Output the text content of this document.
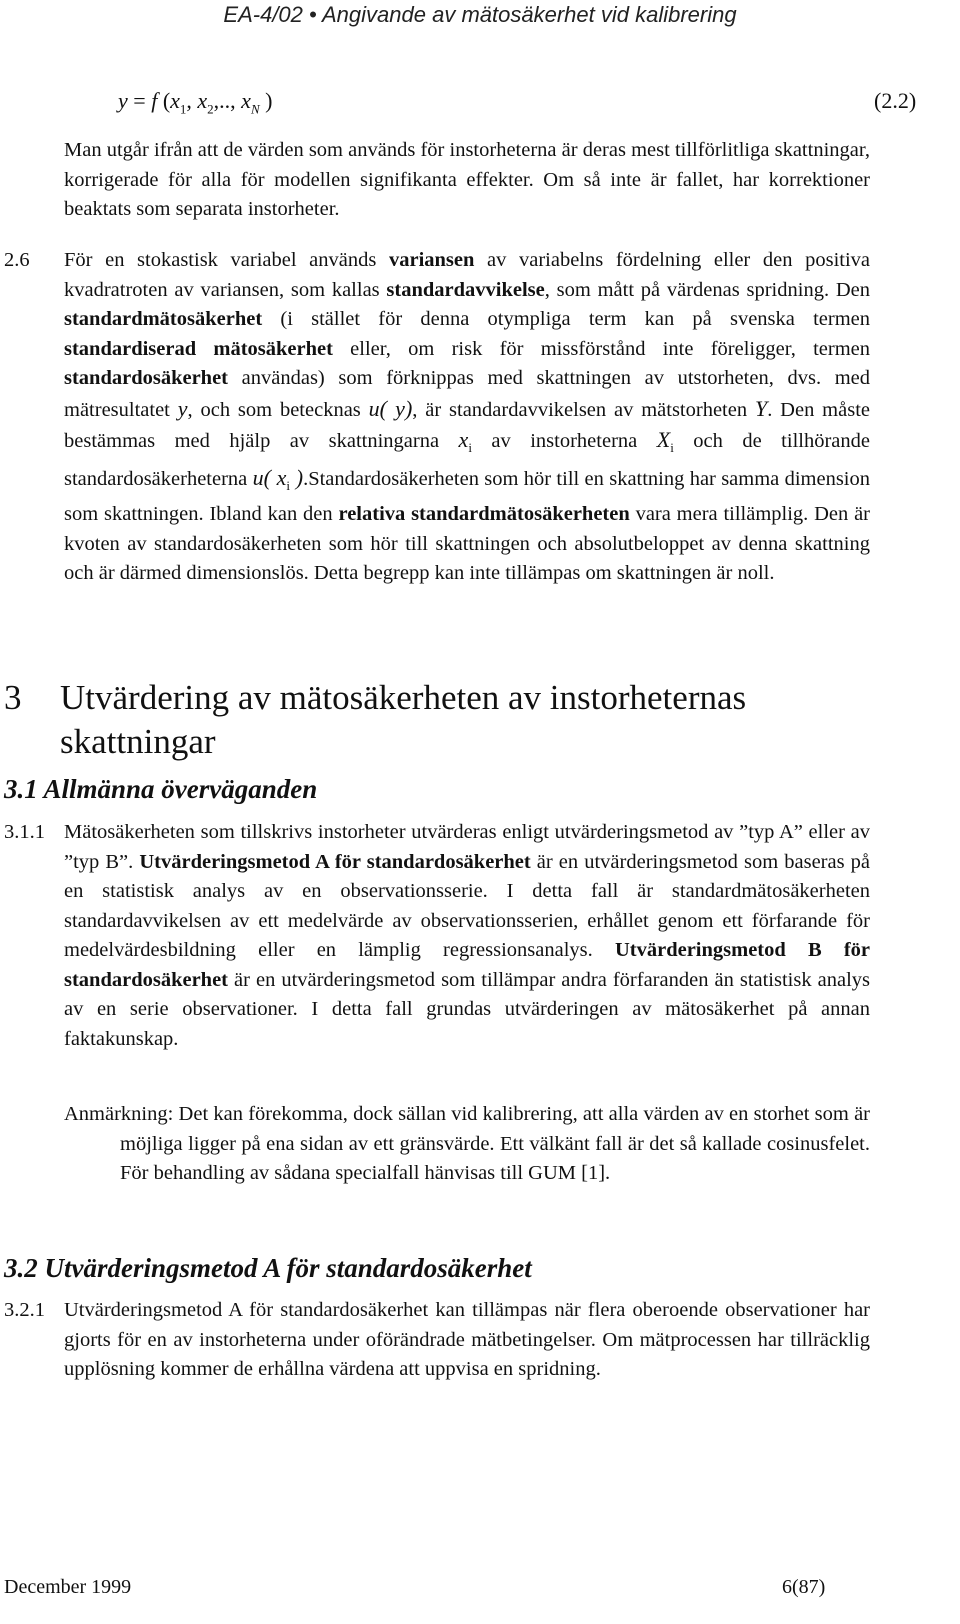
EA-4/02 • Angivande av mätosäkerhet vid kalibrering
y = f ($x_1$, $x_2$,.., $x_N$ )	(2.2)
Man utgår ifrån att de värden som används för instorheterna är deras mest tillförlitliga skattningar, korrigerade för alla för modellen signifikanta effekter. Om så inte är fallet, har korrektioner beaktats som separata instorheter.
2.6 För en stokastisk variabel används variansen av variabelns fördelning eller den positiva kvadratroten av variansen, som kallas standardavvikelse, som mått på värdenas spridning. Den standardmätosäkerhet (i stället för denna otympliga term kan på svenska termen standardiserad mätosäkerhet eller, om risk för missförstånd inte föreligger, termen standardosäkerhet användas) som förknippas med skattningen av utstorheten, dvs. med mätresultatet y, och som betecknas u( y), är standardavvikelsen av mätstorheten Y. Den måste bestämmas med hjälp av skattningarna $x_i$ av instorheterna $X_i$ och de tillhörande standardosäkerheterna u( $x_i$ ).Standardosäkerheten som hör till en skattning har samma dimension som skattningen. Ibland kan den relativa standardmätosäkerheten vara mera tillämplig. Den är kvoten av standardosäkerheten som hör till skattningen och absolutbeloppet av denna skattning och är därmed dimensionslös. Detta begrepp kan inte tillämpas om skattningen är noll.
3 Utvärdering av mätosäkerheten av instorheternas skattningar
3.1 Allmänna överväganden
3.1.1 Mätosäkerheten som tillskrivs instorheter utvärderas enligt utvärderingsmetod av ”typ A” eller av ”typ B”. Utvärderingsmetod A för standardosäkerhet är en utvärderingsmetod som baseras på en statistisk analys av en observationsserie. I detta fall är standardmätosäkerheten standardavvikelsen av ett medelvärde av observationsserien, erhållet genom ett förfarande för medelvärdesbildning eller en lämplig regressionsanalys. Utvärderingsmetod B för standardosäkerhet är en utvärderingsmetod som tillämpar andra förfaranden än statistisk analys av en serie observationer. I detta fall grundas utvärderingen av mätosäkerhet på annan faktakunskap.
Anmärkning: Det kan förekomma, dock sällan vid kalibrering, att alla värden av en storhet som är möjliga ligger på ena sidan av ett gränsvärde. Ett välkänt fall är det så kallade cosinusfelet. För behandling av sådana specialfall hänvisas till GUM [1].
3.2 Utvärderingsmetod A för standardosäkerhet
3.2.1 Utvärderingsmetod A för standardosäkerhet kan tillämpas när flera oberoende observationer har gjorts för en av instorheterna under oförändrade mätbetingelser. Om mätprocessen har tillräcklig upplösning kommer de erhållna värdena att uppvisa en spridning.
December 1999	6(87)
